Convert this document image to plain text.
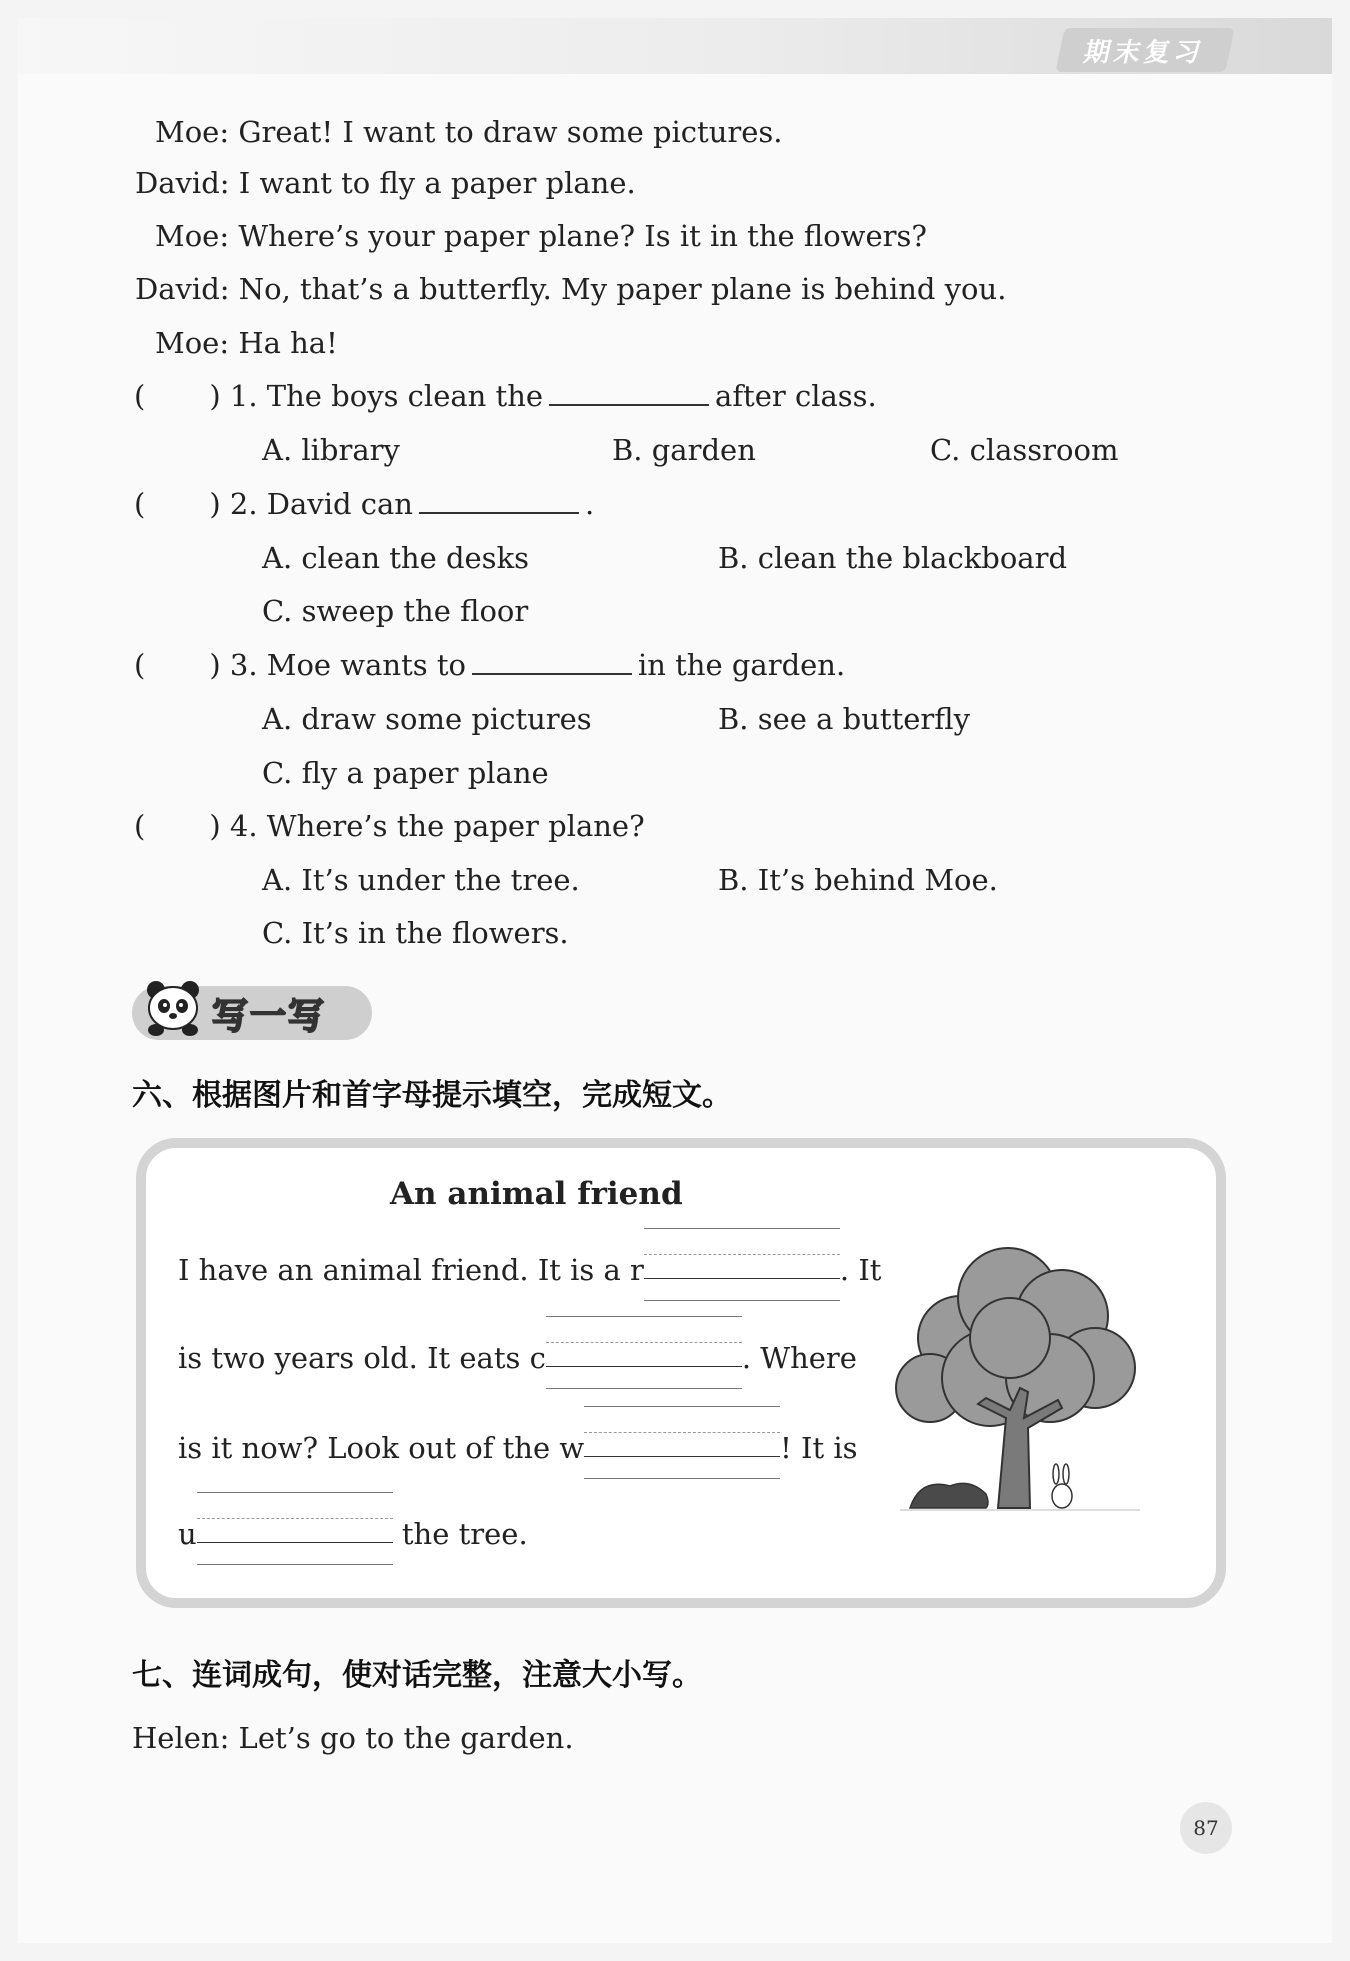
期末复习
Moe: Great! I want to draw some pictures.
David: I want to fly a paper plane.
Moe: Where’s your paper plane? Is it in the flowers?
David: No, that’s a butterfly. My paper plane is behind you.
Moe: Ha ha!
( ) 1. The boys clean the	after class.
A. library	B. garden	C. classroom
( ) 2. David can	.
A. clean the desks	B. clean the blackboard
C. sweep the floor
( ) 3. Moe wants to	in the garden.
A. draw some pictures	B. see a butterfly
C. fly a paper plane
( ) 4. Where’s the paper plane?
A. It’s under the tree.	B. It’s behind Moe.
C. It’s in the flowers.
写一写
六、根据图片和首字母提示填空，完成短文。
An animal friend
I have an animal friend. It is a r	. It
is two years old. It eats c	. Where
is it now? Look out of the w	! It is
u	the tree.
七、连词成句，使对话完整，注意大小写。
Helen: Let’s go to the garden.
87
